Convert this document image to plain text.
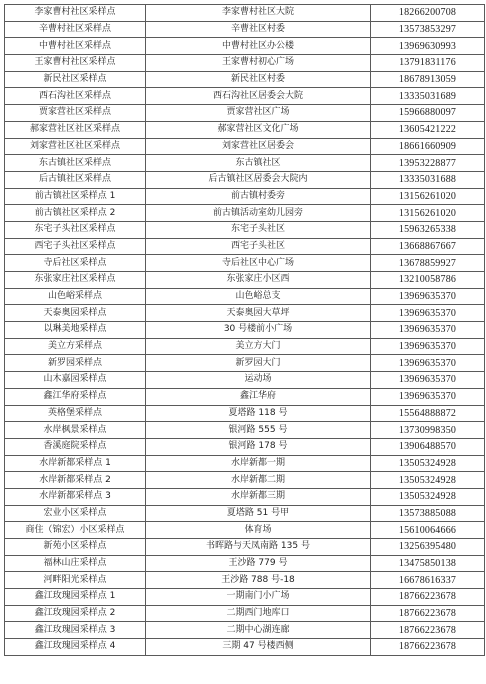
李家曹村社区采样点	李家曹村社区大院	18266200708
辛曹村社区采样点	辛曹社区村委	13573853297
中曹村社区采样点	中曹村社区办公楼	13969630993
王家曹村社区采样点	王家曹村初心广场	13791831176
新民社区采样点	新民社区村委	18678913059
西石沟社区采样点	西石沟社区居委会大院	13335031689
贾家营社区采样点	贾家营社区广场	15966880097
郝家营社区社区采样点	郝家营社区文化广场	13605421222
刘家营社区社区采样点	刘家营社区居委会	18661660909
东古镇社区采样点	东古镇社区	13953228877
后古镇社区采样点	后古镇社区居委会大院内	13335031688
前古镇社区采样点 1	前古镇村委旁	13156261020
前古镇社区采样点 2	前古镇活动室幼儿园旁	13156261020
东宅子头社区采样点	东宅子头社区	15963265338
西宅子头社区采样点	西宅子头社区	13668867667
寺后社区采样点	寺后社区中心广场	13678859927
东张家庄社区采样点	东张家庄小区西	13210058786
山色峪采样点	山色峪总支	13969635370
天泰奥园采样点	天泰奥园大草坪	13969635370
以琳美地采样点	30 号楼前小广场	13969635370
美立方采样点	美立方大门	13969635370
新罗园采样点	新罗园大门	13969635370
山木嘉园采样点	运动场	13969635370
鑫江华府采样点	鑫江华府	13969635370
英格堡采样点	夏塔路 118 号	15564888872
水岸枫景采样点	银河路 555 号	13730998350
香溪庭院采样点	银河路 178 号	13906488570
水岸新都采样点 1	水岸新都一期	13505324928
水岸新都采样点 2	水岸新都二期	13505324928
水岸新都采样点 3	水岸新都三期	13505324928
宏业小区采样点	夏塔路 51 号甲	13573885088
商住（锦宏）小区采样点	体育场	15610064666
新苑小区采样点	书晖路与天凤南路 135 号	13256395480
福林山庄采样点	王沙路 779 号	13475850138
河畔阳光采样点	王沙路 788 号-18	16678616337
鑫江玫瑰园采样点 1	一期南门小广场	18766223678
鑫江玫瑰园采样点 2	二期西门地库口	18766223678
鑫江玫瑰园采样点 3	二期中心湖连廊	18766223678
鑫江玫瑰园采样点 4	三期 47 号楼西侧	18766223678
